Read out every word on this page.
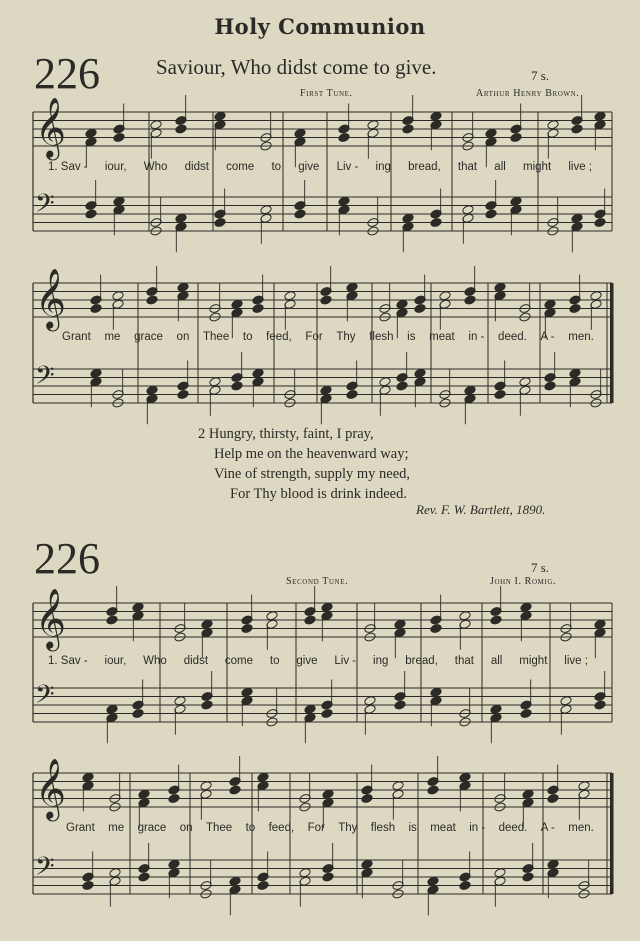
Holy Communion
226	Saviour, Who didst come to give.	7 s.
First Tune.	Arthur Henry Brown.
𝄞
𝄢
𝄞
𝄢
𝄞
𝄢
𝄞
𝄢
1. Sav - iour, Who didst come to give Liv - ing bread, that all might live ;
Grant me grace on Thee to feed, For Thy flesh is meat in - deed. A - men.
2 Hungry, thirsty, faint, I pray,
Help me on the heavenward way;
Vine of strength, supply my need,
For Thy blood is drink indeed.
Rev. F. W. Bartlett, 1890.
226	7 s.
Second Tune.	John I. Romig.
1. Sav - iour, Who didst come to give Liv - ing bread, that all might live ;
Grant me grace on Thee to feed, For Thy flesh is meat in - deed. A - men.
